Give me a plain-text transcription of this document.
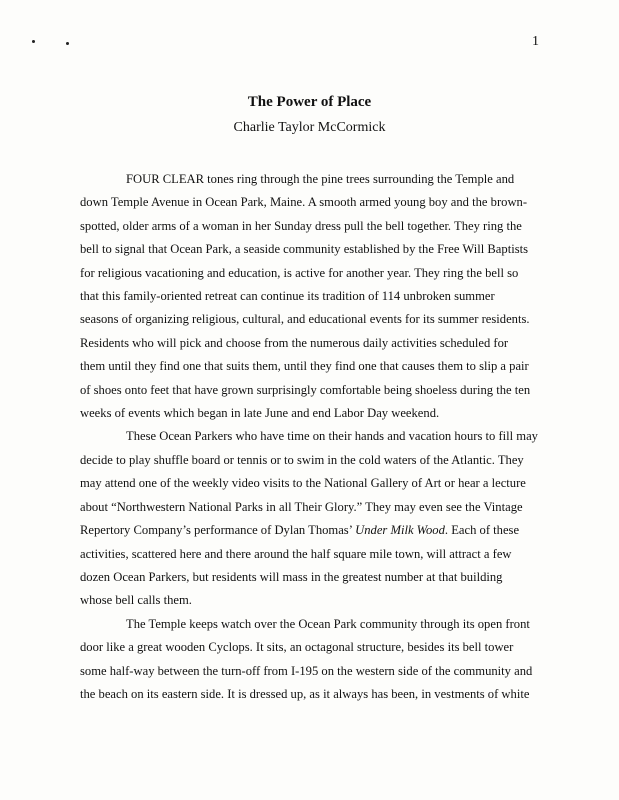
1
The Power of Place
Charlie Taylor McCormick
FOUR CLEAR tones ring through the pine trees surrounding the Temple and
down Temple Avenue in Ocean Park, Maine. A smooth armed young boy and the brown-
spotted, older arms of a woman in her Sunday dress pull the bell together. They ring the
bell to signal that Ocean Park, a seaside community established by the Free Will Baptists
for religious vacationing and education, is active for another year. They ring the bell so
that this family-oriented retreat can continue its tradition of 114 unbroken summer
seasons of organizing religious, cultural, and educational events for its summer residents.
Residents who will pick and choose from the numerous daily activities scheduled for
them until they find one that suits them, until they find one that causes them to slip a pair
of shoes onto feet that have grown surprisingly comfortable being shoeless during the ten
weeks of events which began in late June and end Labor Day weekend.
These Ocean Parkers who have time on their hands and vacation hours to fill may
decide to play shuffle board or tennis or to swim in the cold waters of the Atlantic. They
may attend one of the weekly video visits to the National Gallery of Art or hear a lecture
about “Northwestern National Parks in all Their Glory.” They may even see the Vintage
Repertory Company’s performance of Dylan Thomas’ Under Milk Wood. Each of these
activities, scattered here and there around the half square mile town, will attract a few
dozen Ocean Parkers, but residents will mass in the greatest number at that building
whose bell calls them.
The Temple keeps watch over the Ocean Park community through its open front
door like a great wooden Cyclops. It sits, an octagonal structure, besides its bell tower
some half-way between the turn-off from I-195 on the western side of the community and
the beach on its eastern side. It is dressed up, as it always has been, in vestments of white
